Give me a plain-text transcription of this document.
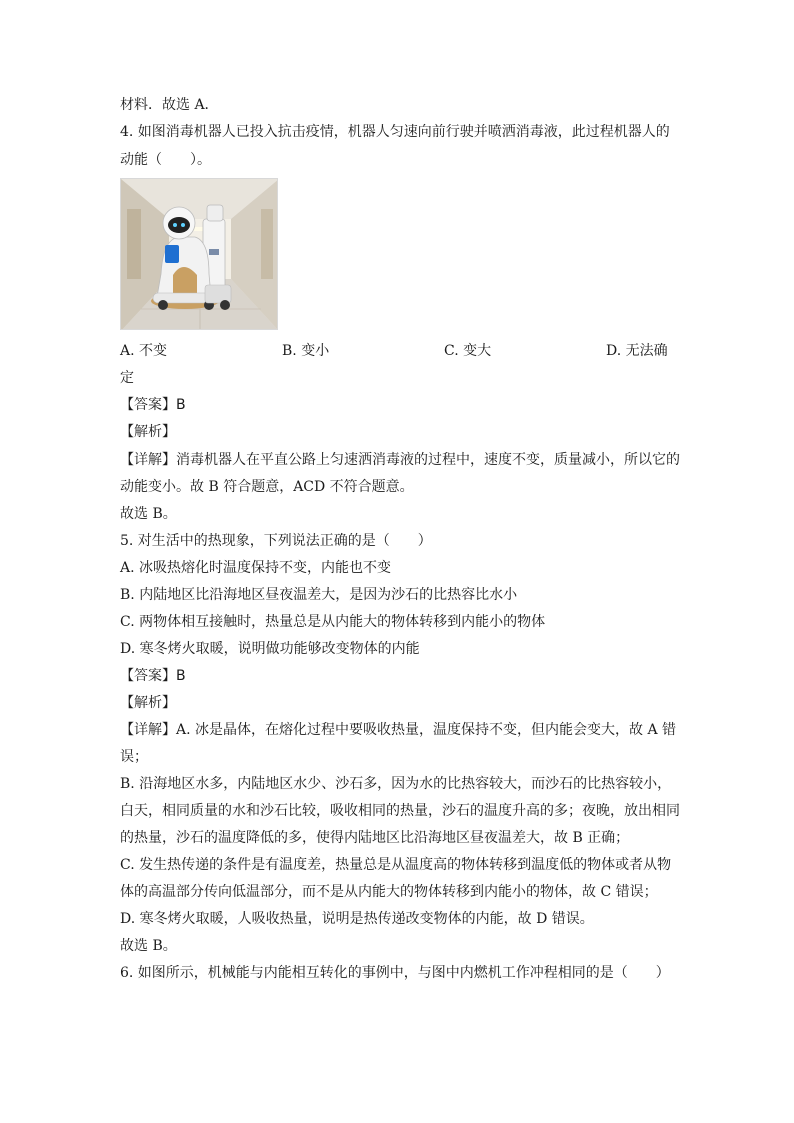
材料．故选 A．
4. 如图消毒机器人已投入抗击疫情，机器人匀速向前行驶并喷洒消毒液，此过程机器人的
动能（　　）。
A. 不变	B. 变小	C. 变大	D. 无法确
定
【答案】B
【解析】
【详解】消毒机器人在平直公路上匀速洒消毒液的过程中，速度不变，质量减小，所以它的
动能变小。故 B 符合题意，ACD 不符合题意。
故选 B。
5. 对生活中的热现象，下列说法正确的是（　　）
A. 冰吸热熔化时温度保持不变，内能也不变
B. 内陆地区比沿海地区昼夜温差大，是因为沙石的比热容比水小
C. 两物体相互接触时，热量总是从内能大的物体转移到内能小的物体
D. 寒冬烤火取暖，说明做功能够改变物体的内能
【答案】B
【解析】
【详解】A. 冰是晶体，在熔化过程中要吸收热量，温度保持不变，但内能会变大，故 A 错
误；
B. 沿海地区水多，内陆地区水少、沙石多，因为水的比热容较大，而沙石的比热容较小，
白天，相同质量的水和沙石比较，吸收相同的热量，沙石的温度升高的多；夜晚，放出相同
的热量，沙石的温度降低的多，使得内陆地区比沿海地区昼夜温差大，故 B 正确；
C. 发生热传递的条件是有温度差，热量总是从温度高的物体转移到温度低的物体或者从物
体的高温部分传向低温部分，而不是从内能大的物体转移到内能小的物体，故 C 错误；
D. 寒冬烤火取暖，人吸收热量，说明是热传递改变物体的内能，故 D 错误。
故选 B。
6. 如图所示，机械能与内能相互转化的事例中，与图中内燃机工作冲程相同的是（　　）
